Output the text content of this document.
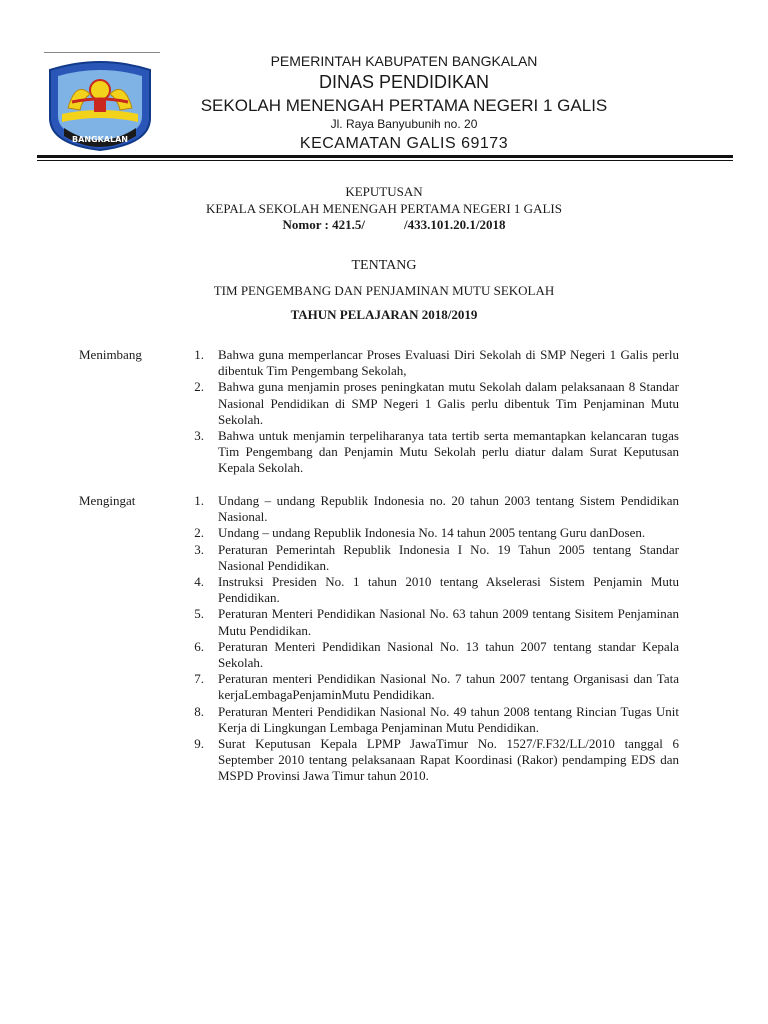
BANGKALAN
PEMERINTAH KABUPATEN BANGKALAN
DINAS PENDIDIKAN
SEKOLAH MENENGAH PERTAMA NEGERI 1 GALIS
Jl. Raya Banyubunih no. 20
KECAMATAN GALIS 69173
KEPUTUSAN
KEPALA SEKOLAH MENENGAH PERTAMA NEGERI 1 GALIS
Nomor : 421.5/            /433.101.20.1/2018
TENTANG
TIM PENGEMBANG DAN PENJAMINAN MUTU SEKOLAH
TAHUN PELAJARAN 2018/2019
Menimbang	1. Bahwa guna memperlancar Proses Evaluasi Diri Sekolah di SMP Negeri 1 Galis perlu dibentuk Tim Pengembang Sekolah,
2. Bahwa guna menjamin proses peningkatan mutu Sekolah dalam pelaksanaan 8 Standar Nasional Pendidikan di SMP Negeri 1 Galis perlu dibentuk Tim Penjaminan Mutu Sekolah.
3. Bahwa untuk menjamin terpeliharanya tata tertib serta memantapkan kelancaran tugas Tim Pengembang dan Penjamin Mutu Sekolah perlu diatur dalam Surat Keputusan Kepala Sekolah.
Mengingat	1. Undang – undang Republik Indonesia no. 20 tahun 2003 tentang Sistem Pendidikan Nasional.
2. Undang – undang Republik Indonesia No. 14 tahun 2005 tentang Guru danDosen.
3. Peraturan Pemerintah Republik Indonesia I No. 19 Tahun 2005 tentang Standar Nasional Pendidikan.
4. Instruksi Presiden No. 1 tahun 2010 tentang Akselerasi Sistem Penjamin Mutu Pendidikan.
5. Peraturan Menteri Pendidikan Nasional No. 63 tahun 2009 tentang Sisitem Penjaminan Mutu Pendidikan.
6. Peraturan Menteri Pendidikan Nasional No. 13 tahun 2007 tentang standar Kepala Sekolah.
7. Peraturan menteri Pendidikan Nasional No. 7 tahun 2007 tentang Organisasi dan Tata kerjaLembagaPenjaminMutu Pendidikan.
8. Peraturan Menteri Pendidikan Nasional No. 49 tahun 2008 tentang Rincian Tugas Unit Kerja di Lingkungan Lembaga Penjaminan Mutu Pendidikan.
9. Surat Keputusan Kepala LPMP JawaTimur No. 1527/F.F32/LL/2010 tanggal 6 September 2010 tentang pelaksanaan Rapat Koordinasi (Rakor) pendamping EDS dan MSPD Provinsi Jawa Timur tahun 2010.
